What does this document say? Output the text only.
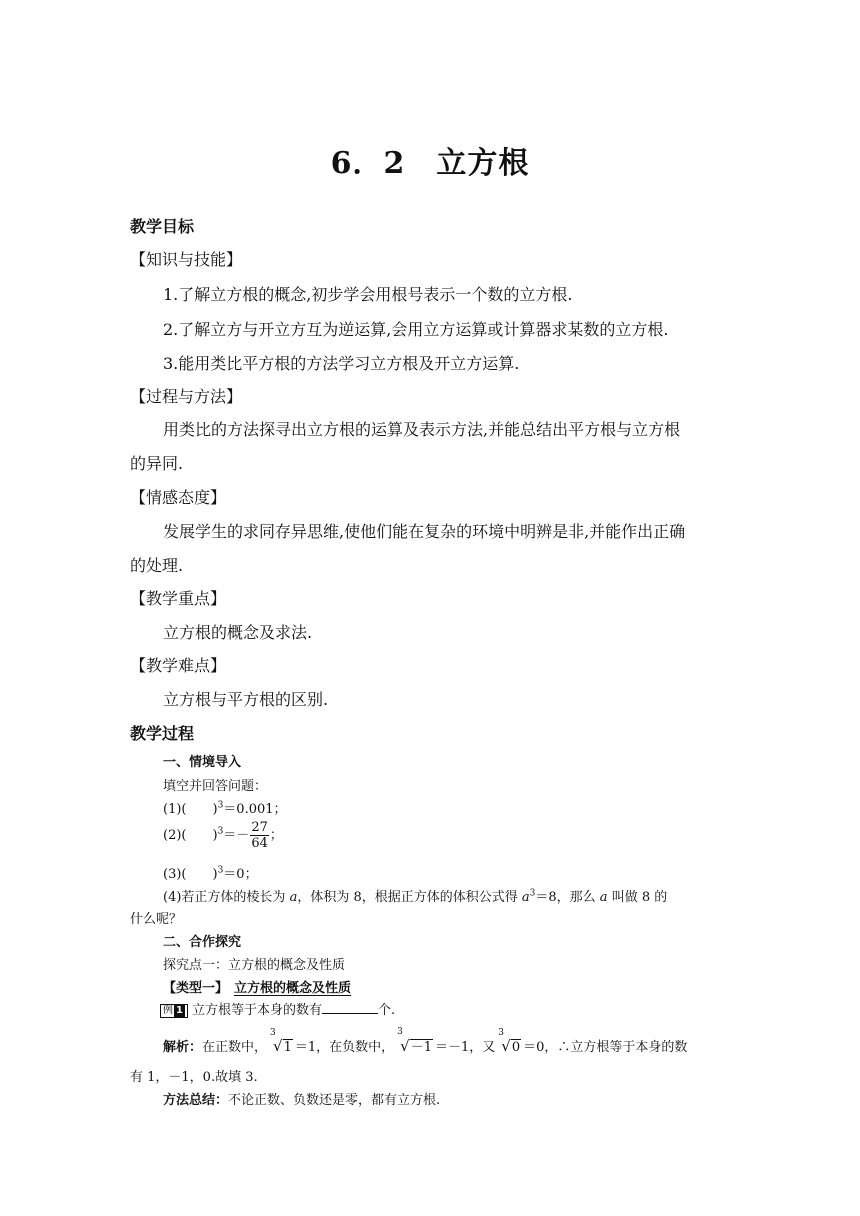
6．2　立方根
教学目标
【知识与技能】
1.了解立方根的概念,初步学会用根号表示一个数的立方根.
2.了解立方与开立方互为逆运算,会用立方运算或计算器求某数的立方根.
3.能用类比平方根的方法学习立方根及开立方运算.
【过程与方法】
用类比的方法探寻出立方根的运算及表示方法,并能总结出平方根与立方根
的异同.
【情感态度】
发展学生的求同存异思维,使他们能在复杂的环境中明辨是非,并能作出正确
的处理.
【教学重点】
立方根的概念及求法.
【教学难点】
立方根与平方根的区别.
教学过程
一、情境导入
填空并回答问题：
(1)(　　)$^3$＝0.001；
(2)(　　)$^3=- \frac{27}{64}$ ；
(3)(　　)$^3$＝0；
(4)若正方体的棱长为 a，体积为 8，根据正方体的体积公式得 $a^3=8$，那么 a 叫做 8 的
什么呢？
二、合作探究
探究点一：立方根的概念及性质
【类型一】 立方根的概念及性质
例 1 立方根等于本身的数有	个.
解析：在正数中，
3
√1 ＝1，在负数中，
3
√－1 ＝－1，又
3
√0 ＝0，∴立方根等于本身的数
有 1，－1，0.故填 3.
方法总结：不论正数、负数还是零，都有立方根.
